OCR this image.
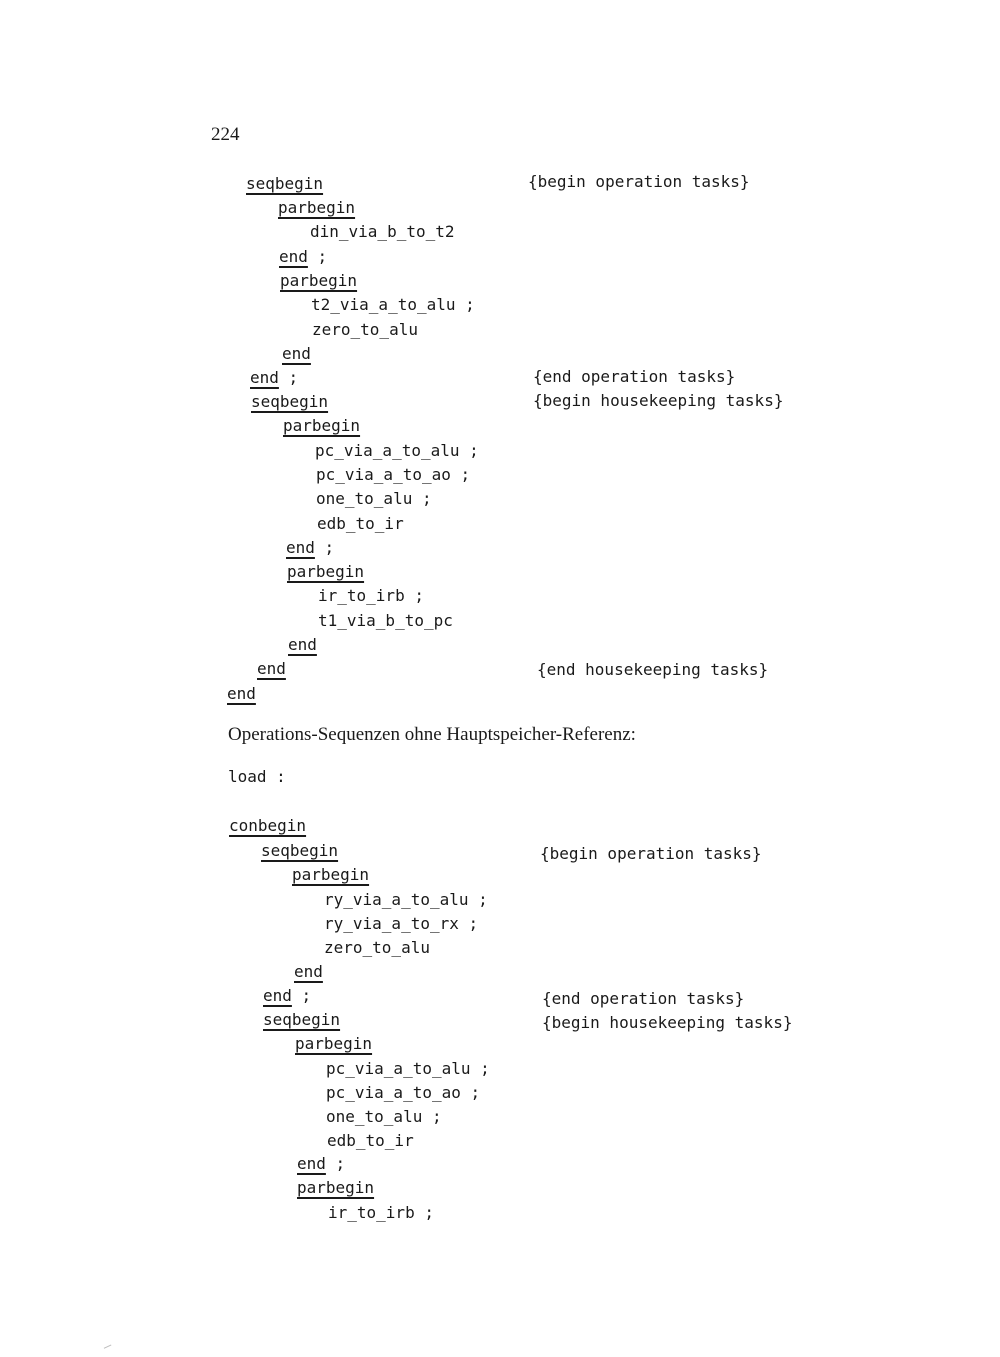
224
seqbegin
parbegin
din_via_b_to_t2
end ;
parbegin
t2_via_a_to_alu ;
zero_to_alu
end
end ;
seqbegin
parbegin
pc_via_a_to_alu ;
pc_via_a_to_ao ;
one_to_alu ;
edb_to_ir
end ;
parbegin
ir_to_irb ;
t1_via_b_to_pc
end
end
end
Operations-Sequenzen ohne Hauptspeicher-Referenz:
load :
conbegin
seqbegin
parbegin
ry_via_a_to_alu ;
ry_via_a_to_rx ;
zero_to_alu
end
end ;
seqbegin
parbegin
pc_via_a_to_alu ;
pc_via_a_to_ao ;
one_to_alu ;
edb_to_ir
end ;
parbegin
ir_to_irb ;
{begin operation tasks}
{end operation tasks}
{begin housekeeping tasks}
{end housekeeping tasks}
{begin operation tasks}
{end operation tasks}
{begin housekeeping tasks}
